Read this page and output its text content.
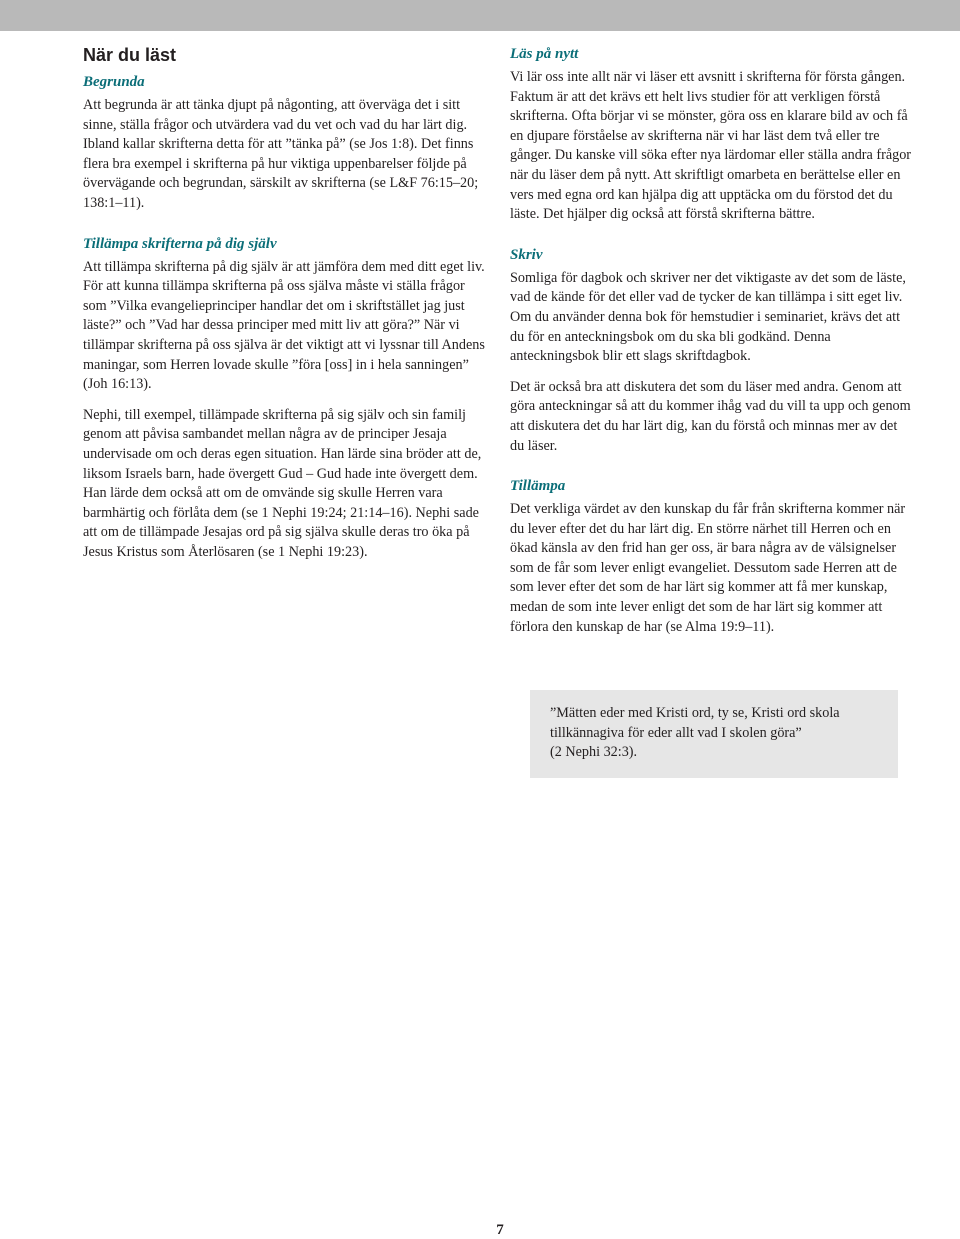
När du läst
Begrunda

Att begrunda är att tänka djupt på någonting, att överväga det i sitt sinne, ställa frågor och utvärdera vad du vet och vad du har lärt dig. Ibland kallar skrifterna detta för att ”tänka på” (se Jos 1:8). Det finns flera bra exempel i skrifterna på hur viktiga uppenbarelser följde på övervägande och begrundan, särskilt av skrifterna (se L&F 76:15–20; 138:1–11).

Tillämpa skrifterna på dig själv

Att tillämpa skrifterna på dig själv är att jämföra dem med ditt eget liv. För att kunna tillämpa skrifterna på oss själva måste vi ställa frågor som ”Vilka evangelieprinciper handlar det om i skriftstället jag just läste?” och ”Vad har dessa principer med mitt liv att göra?” När vi tillämpar skrifterna på oss själva är det viktigt att vi lyssnar till Andens maningar, som Herren lovade skulle ”föra [oss] in i hela sanningen” (Joh 16:13).

Nephi, till exempel, tillämpade skrifterna på sig själv och sin familj genom att påvisa sambandet mellan några av de principer Jesaja undervisade om och deras egen situation. Han lärde sina bröder att de, liksom Israels barn, hade övergett Gud – Gud hade inte övergett dem. Han lärde dem också att om de omvände sig skulle Herren vara barmhärtig och förlåta dem (se 1 Nephi 19:24; 21:14–16). Nephi sade att om de tillämpade Jesajas ord på sig själva skulle deras tro öka på Jesus Kristus som Återlösaren (se 1 Nephi 19:23).

Läs på nytt

Vi lär oss inte allt när vi läser ett avsnitt i skrifterna för första gången. Faktum är att det krävs ett helt livs studier för att verkligen förstå skrifterna. Ofta börjar vi se mönster, göra oss en klarare bild av och få en djupare förståelse av skrifterna när vi har läst dem två eller tre gånger. Du kanske vill söka efter nya lärdomar eller ställa andra frågor när du läser dem på nytt. Att skriftligt omarbeta en berättelse eller en vers med egna ord kan hjälpa dig att upptäcka om du förstod det du läste. Det hjälper dig också att förstå skrifterna bättre.

Skriv

Somliga för dagbok och skriver ner det viktigaste av det som de läste, vad de kände för det eller vad de tycker de kan tillämpa i sitt eget liv. Om du använder denna bok för hemstudier i seminariet, krävs det att du för en anteckningsbok om du ska bli godkänd. Denna anteckningsbok blir ett slags skriftdagbok.

Det är också bra att diskutera det som du läser med andra. Genom att göra anteckningar så att du kommer ihåg vad du vill ta upp och genom att diskutera det du har lärt dig, kan du förstå och minnas mer av det du läser.

Tillämpa

Det verkliga värdet av den kunskap du får från skrifterna kommer när du lever efter det du har lärt dig. En större närhet till Herren och en ökad känsla av den frid han ger oss, är bara några av de välsignelser som de får som lever enligt evangeliet. Dessutom sade Herren att de som lever efter det som de har lärt sig kommer att få mer kunskap, medan de som inte lever enligt det som de har lärt sig kommer att förlora den kunskap de har (se Alma 19:9–11).

”Mätten eder med Kristi ord, ty se, Kristi ord skola tillkännagiva för eder allt vad I skolen göra”
(2 Nephi 32:3).
7
